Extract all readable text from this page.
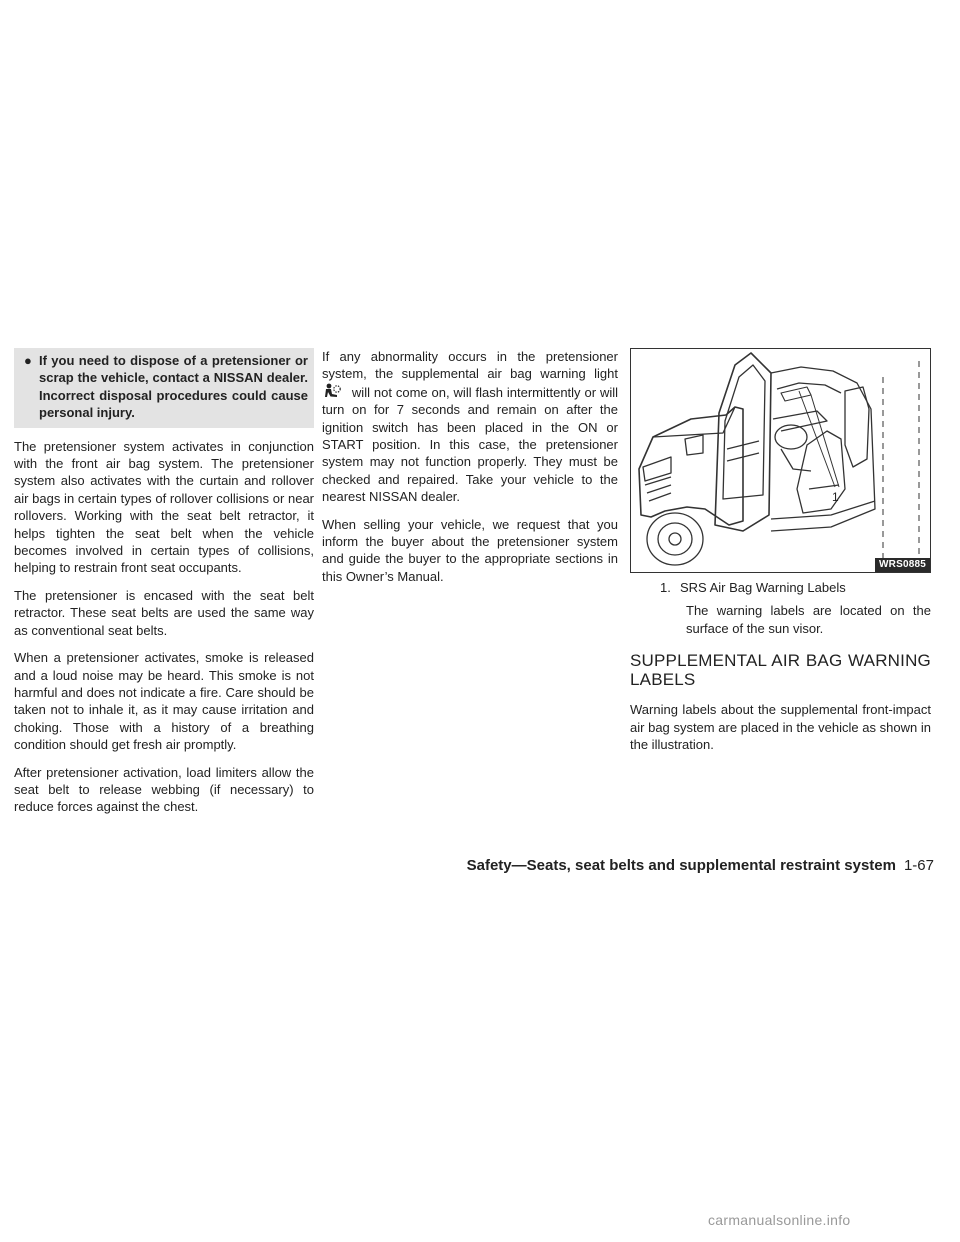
● If you need to dispose of a pretensioner or scrap the vehicle, contact a NISSAN dealer. Incorrect disposal procedures could cause personal injury.

The pretensioner system activates in conjunction with the front air bag system. The pretensioner system also activates with the curtain and rollover air bags in certain types of rollover collisions or near rollovers. Working with the seat belt retractor, it helps tighten the seat belt when the vehicle becomes involved in certain types of collisions, helping to restrain front seat occupants.

The pretensioner is encased with the seat belt retractor. These seat belts are used the same way as conventional seat belts.

When a pretensioner activates, smoke is released and a loud noise may be heard. This smoke is not harmful and does not indicate a fire. Care should be taken not to inhale it, as it may cause irritation and choking. Those with a history of a breathing condition should get fresh air promptly.

After pretensioner activation, load limiters allow the seat belt to release webbing (if necessary) to reduce forces against the chest.

If any abnormality occurs in the pretensioner system, the supplemental air bag warning light  will not come on, will flash intermittently or will turn on for 7 seconds and remain on after the ignition switch has been placed in the ON or START position. In this case, the pretensioner system may not function properly. They must be checked and repaired. Take your vehicle to the nearest NISSAN dealer.

When selling your vehicle, we request that you inform the buyer about the pretensioner system and guide the buyer to the appropriate sections in this Owner’s Manual.

1
WRS0885
1. SRS Air Bag Warning Labels
The warning labels are located on the surface of the sun visor.
SUPPLEMENTAL AIR BAG WARNING LABELS

Warning labels about the supplemental front-impact air bag system are placed in the vehicle as shown in the illustration.

Safety—Seats, seat belts and supplemental restraint system 1-67
carmanualsonline.info
